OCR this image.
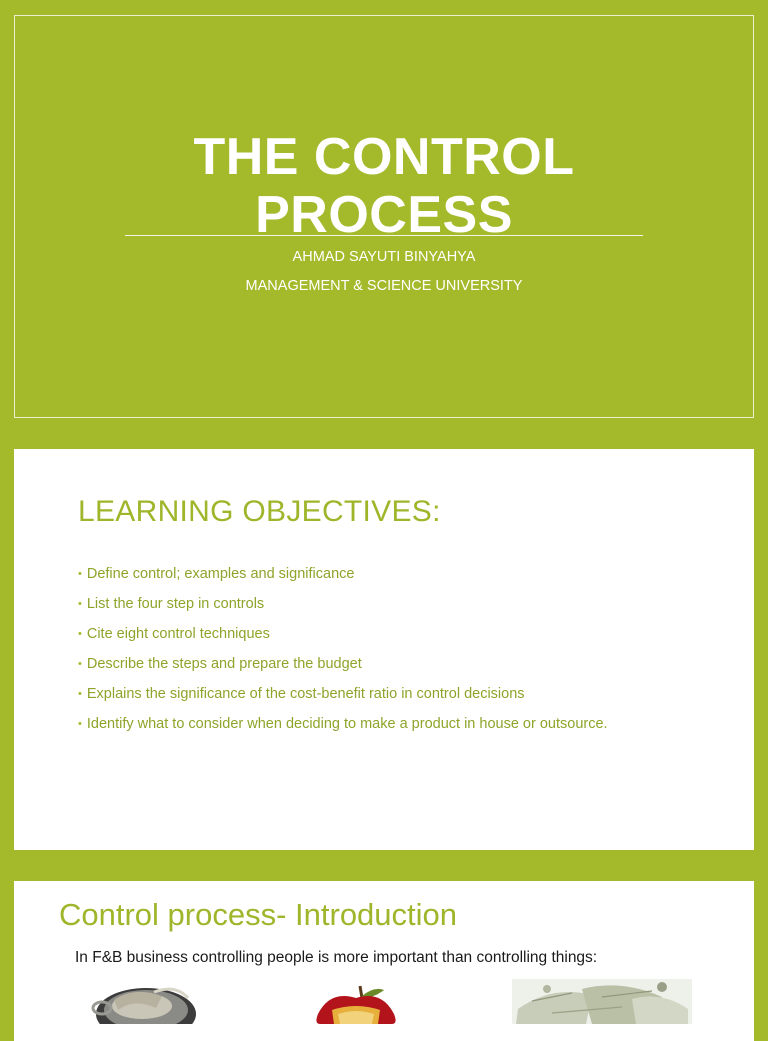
THE CONTROL
PROCESS
AHMAD SAYUTI BINYAHYA
MANAGEMENT & SCIENCE UNIVERSITY
LEARNING OBJECTIVES:
• Define control; examples and significance
• List the four step in controls
• Cite eight control techniques
• Describe the steps and prepare the budget
• Explains the significance of the cost-benefit ratio in control decisions
• Identify what to consider when deciding to make a product in house or outsource.
Control process- Introduction
In F&B business controlling people is more important than controlling things:
